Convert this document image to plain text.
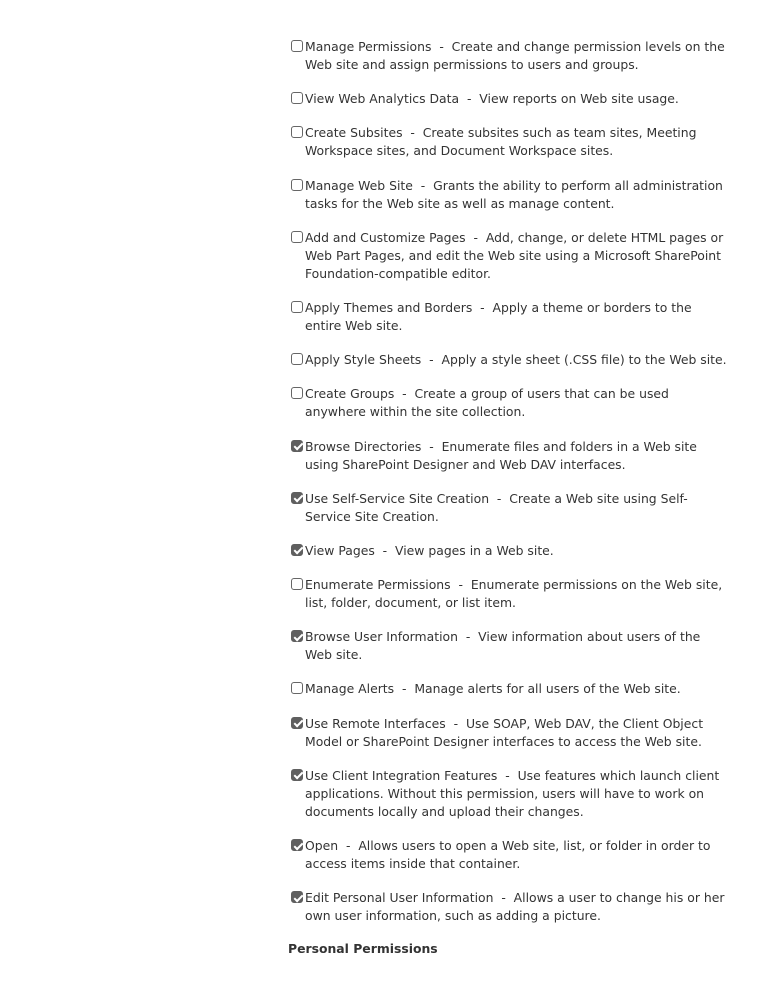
Manage Permissions  -  Create and change permission levels on the Web site and assign permissions to users and groups.
View Web Analytics Data  -  View reports on Web site usage.
Create Subsites  -  Create subsites such as team sites, Meeting Workspace sites, and Document Workspace sites.
Manage Web Site  -  Grants the ability to perform all administration tasks for the Web site as well as manage content.
Add and Customize Pages  -  Add, change, or delete HTML pages or Web Part Pages, and edit the Web site using a Microsoft SharePoint Foundation-compatible editor.
Apply Themes and Borders  -  Apply a theme or borders to the entire Web site.
Apply Style Sheets  -  Apply a style sheet (.CSS file) to the Web site.
Create Groups  -  Create a group of users that can be used anywhere within the site collection.
Browse Directories  -  Enumerate files and folders in a Web site using SharePoint Designer and Web DAV interfaces.
Use Self-Service Site Creation  -  Create a Web site using Self-Service Site Creation.
View Pages  -  View pages in a Web site.
Enumerate Permissions  -  Enumerate permissions on the Web site, list, folder, document, or list item.
Browse User Information  -  View information about users of the Web site.
Manage Alerts  -  Manage alerts for all users of the Web site.
Use Remote Interfaces  -  Use SOAP, Web DAV, the Client Object Model or SharePoint Designer interfaces to access the Web site.
Use Client Integration Features  -  Use features which launch client applications. Without this permission, users will have to work on documents locally and upload their changes.
Open  -  Allows users to open a Web site, list, or folder in order to access items inside that container.
Edit Personal User Information  -  Allows a user to change his or her own user information, such as adding a picture.
Personal Permissions
